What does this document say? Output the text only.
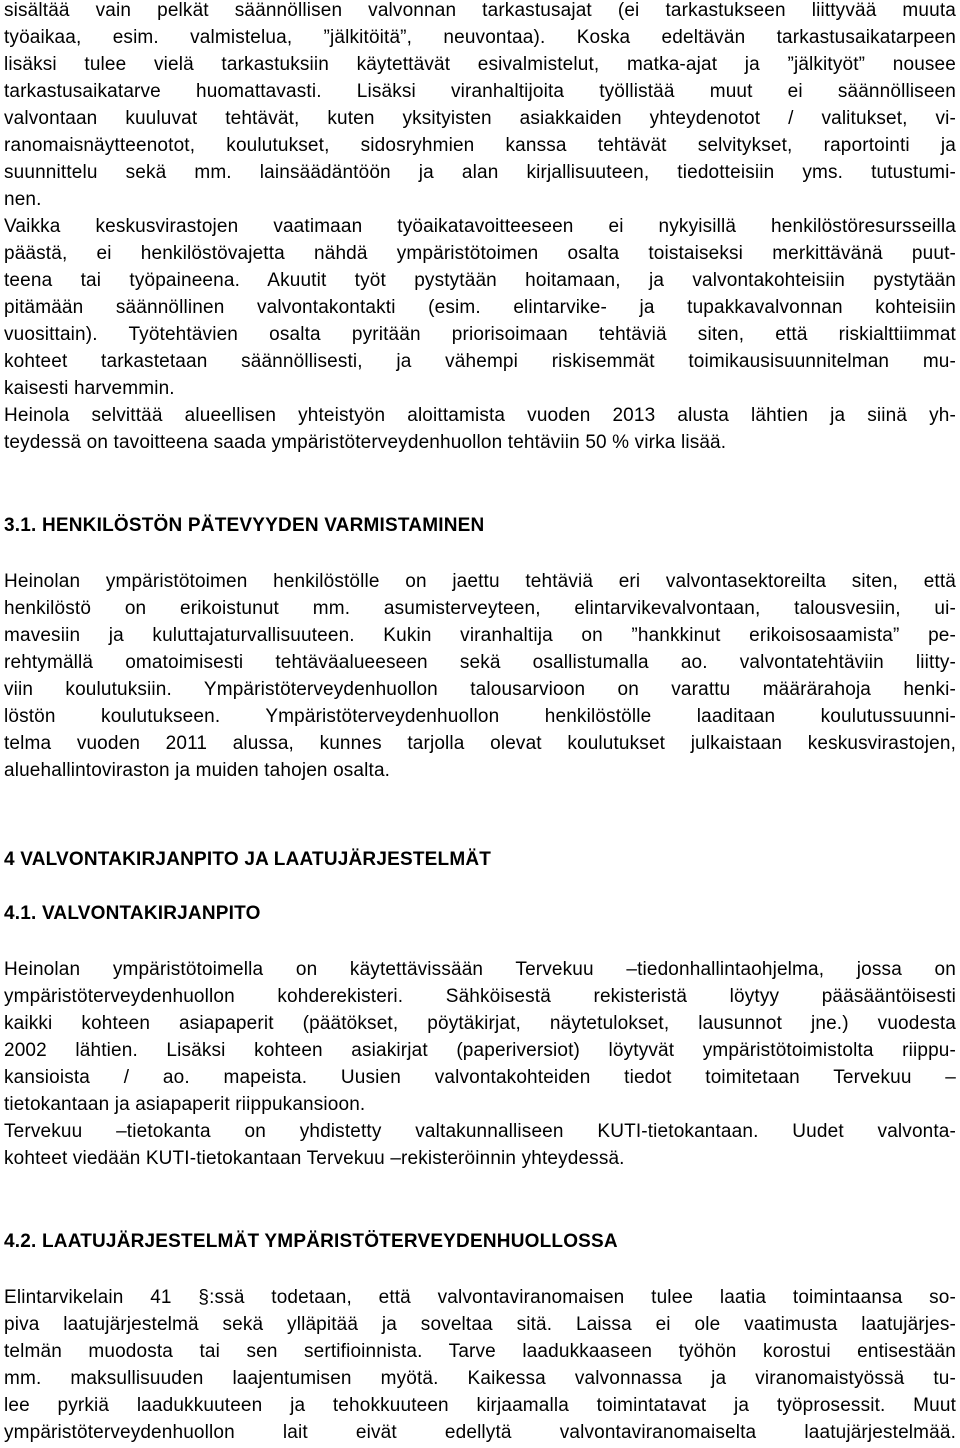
sisältää vain pelkät säännöllisen valvonnan tarkastusajat (ei tarkastukseen liittyvää muuta
työaikaa, esim. valmistelua, ”jälkitöitä”, neuvontaa). Koska edeltävän tarkastusaikatarpeen
lisäksi tulee vielä tarkastuksiin käytettävät esivalmistelut, matka-ajat ja ”jälkityöt” nousee
tarkastusaikatarve huomattavasti. Lisäksi viranhaltijoita työllistää muut ei säännölliseen
valvontaan kuuluvat tehtävät, kuten yksityisten asiakkaiden yhteydenotot / valitukset, vi-
ranomaisnäytteenotot, koulutukset, sidosryhmien kanssa tehtävät selvitykset, raportointi ja
suunnittelu sekä mm. lainsäädäntöön ja alan kirjallisuuteen, tiedotteisiin yms. tutustumi-
nen.
Vaikka keskusvirastojen vaatimaan työaikatavoitteeseen ei nykyisillä henkilöstöresursseilla
päästä, ei henkilöstövajetta nähdä ympäristötoimen osalta toistaiseksi merkittävänä puut-
teena tai työpaineena. Akuutit työt pystytään hoitamaan, ja valvontakohteisiin pystytään
pitämään säännöllinen valvontakontakti (esim. elintarvike- ja tupakkavalvonnan kohteisiin
vuosittain). Työtehtävien osalta pyritään priorisoimaan tehtäviä siten, että riskialttiimmat
kohteet tarkastetaan säännöllisesti, ja vähempi riskisemmät toimikausisuunnitelman mu-
kaisesti harvemmin.
Heinola selvittää alueellisen yhteistyön aloittamista vuoden 2013 alusta lähtien ja siinä yh-
teydessä on tavoitteena saada ympäristöterveydenhuollon tehtäviin 50 % virka lisää.
3.1. HENKILÖSTÖN PÄTEVYYDEN VARMISTAMINEN
Heinolan ympäristötoimen henkilöstölle on jaettu tehtäviä eri valvontasektoreilta siten, että
henkilöstö on erikoistunut mm. asumisterveyteen, elintarvikevalvontaan, talousvesiin, ui-
mavesiin ja kuluttajaturvallisuuteen. Kukin viranhaltija on ”hankkinut erikoisosaamista” pe-
rehtymällä omatoimisesti tehtäväalueeseen sekä osallistumalla ao. valvontatehtäviin liitty-
viin koulutuksiin. Ympäristöterveydenhuollon talousarvioon on varattu määrärahoja henki-
löstön koulutukseen. Ympäristöterveydenhuollon henkilöstölle laaditaan koulutussuunni-
telma vuoden 2011 alussa, kunnes tarjolla olevat koulutukset julkaistaan keskusvirastojen,
aluehallintoviraston ja muiden tahojen osalta.
4 VALVONTAKIRJANPITO JA LAATUJÄRJESTELMÄT
4.1. VALVONTAKIRJANPITO
Heinolan ympäristötoimella on käytettävissään Tervekuu –tiedonhallintaohjelma, jossa on
ympäristöterveydenhuollon kohderekisteri. Sähköisestä rekisteristä löytyy pääsääntöisesti
kaikki kohteen asiapaperit (päätökset, pöytäkirjat, näytetulokset, lausunnot jne.) vuodesta
2002 lähtien. Lisäksi kohteen asiakirjat (paperiversiot) löytyvät ympäristötoimistolta riippu-
kansioista / ao. mapeista. Uusien valvontakohteiden tiedot toimitetaan Tervekuu –
tietokantaan ja asiapaperit riippukansioon.
Tervekuu –tietokanta on yhdistetty valtakunnalliseen KUTI-tietokantaan. Uudet valvonta-
kohteet viedään KUTI-tietokantaan Tervekuu –rekisteröinnin yhteydessä.
4.2. LAATUJÄRJESTELMÄT YMPÄRISTÖTERVEYDENHUOLLOSSA
Elintarvikelain 41 §:ssä todetaan, että valvontaviranomaisen tulee laatia toimintaansa so-
piva laatujärjestelmä sekä ylläpitää ja soveltaa sitä. Laissa ei ole vaatimusta laatujärjes-
telmän muodosta tai sen sertifioinnista. Tarve laadukkaaseen työhön korostui entisestään
mm. maksullisuuden laajentumisen myötä. Kaikessa valvonnassa ja viranomaistyössä tu-
lee pyrkiä laadukkuuteen ja tehokkuuteen kirjaamalla toimintatavat ja työprosessit. Muut
ympäristöterveydenhuollon lait eivät edellytä valvontaviranomaiselta laatujärjestelmää.
